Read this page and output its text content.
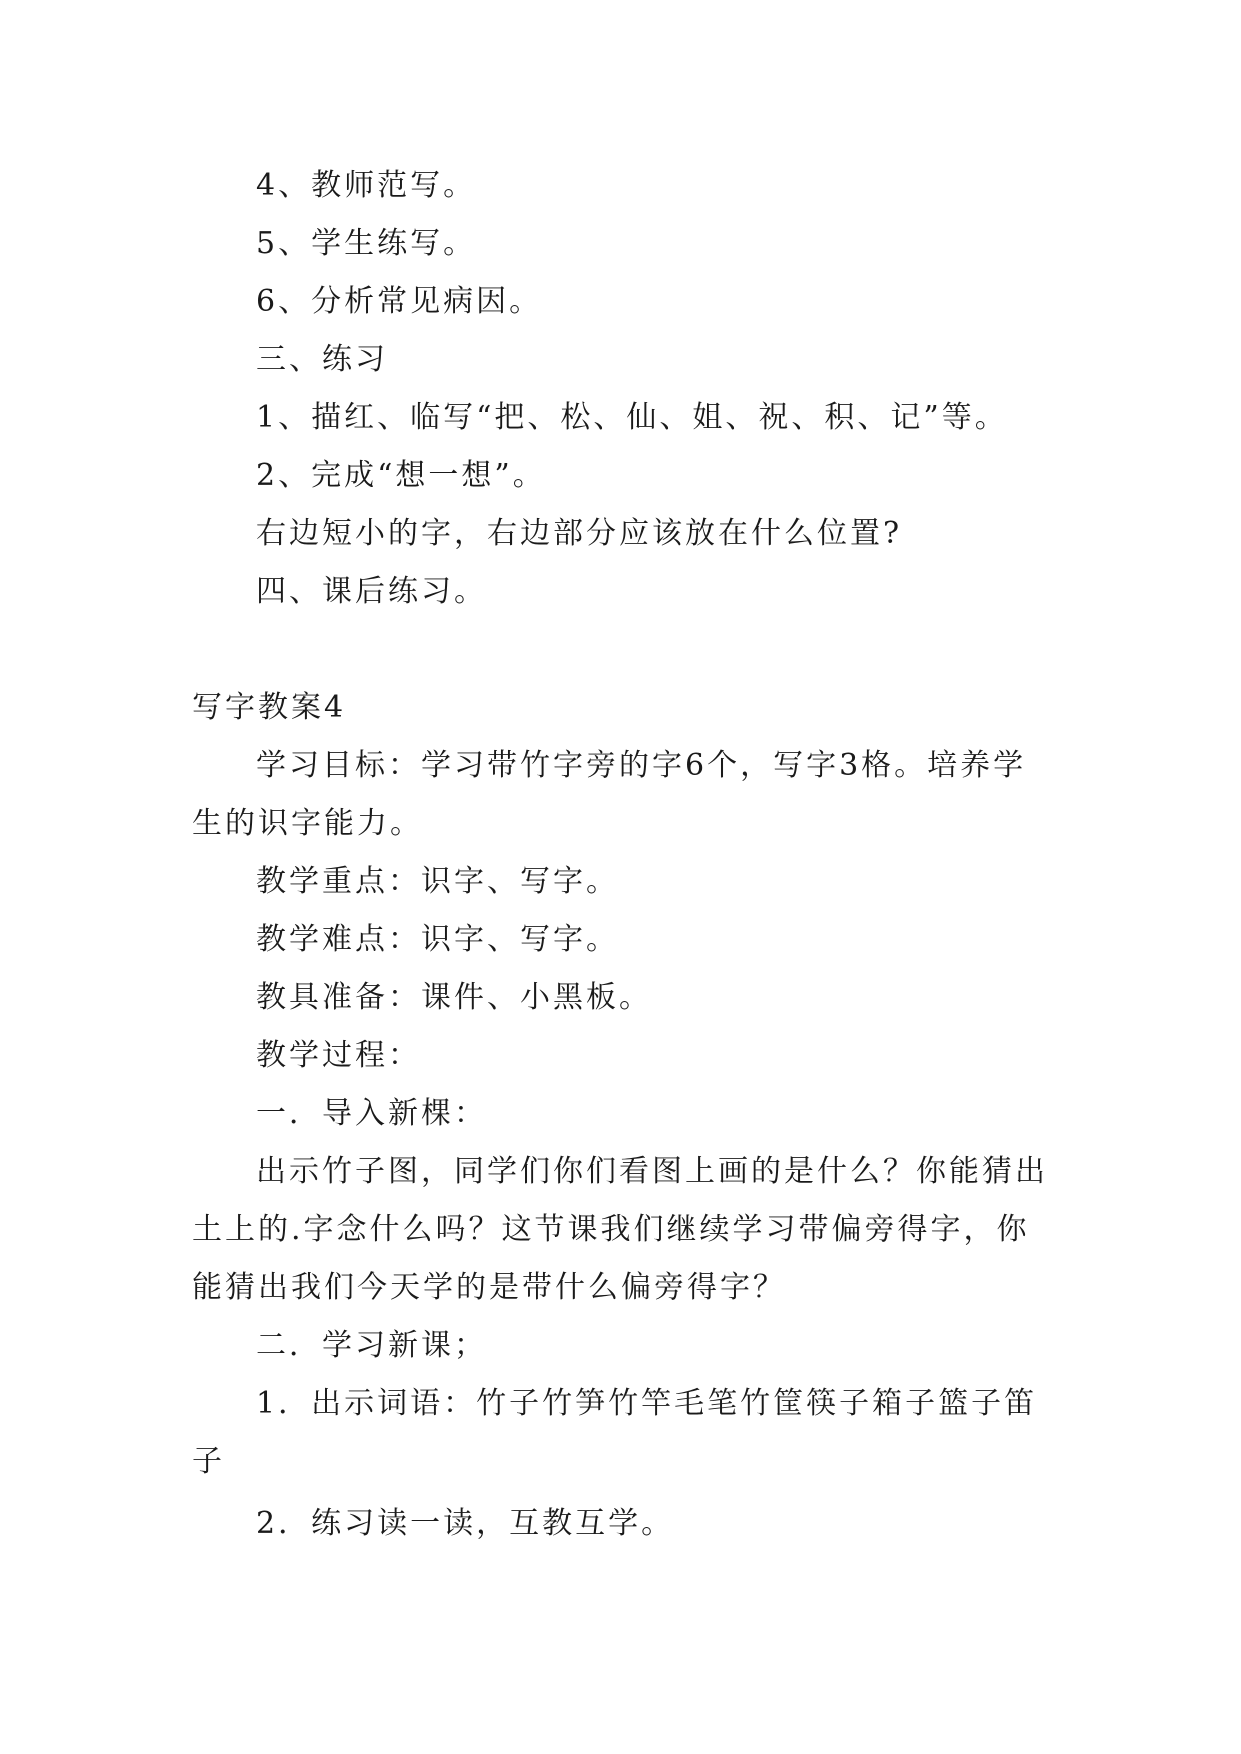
4、教师范写。
5、学生练写。
6、分析常见病因。
三、练习
1、描红、临写“把、松、仙、姐、祝、积、记”等。
2、完成“想一想”。
右边短小的字，右边部分应该放在什么位置?
四、课后练习。
写字教案4
学习目标：学习带竹字旁的字6个，写字3格。培养学
生的识字能力。
教学重点：识字、写字。
教学难点：识字、写字。
教具准备：课件、小黑板。
教学过程：
一．导入新棵：
出示竹子图，同学们你们看图上画的是什么？你能猜出
土上的.字念什么吗？这节课我们继续学习带偏旁得字，你
能猜出我们今天学的是带什么偏旁得字？
二．学习新课；
1．出示词语：竹子竹笋竹竿毛笔竹筐筷子箱子篮子笛
子
2．练习读一读，互教互学。
